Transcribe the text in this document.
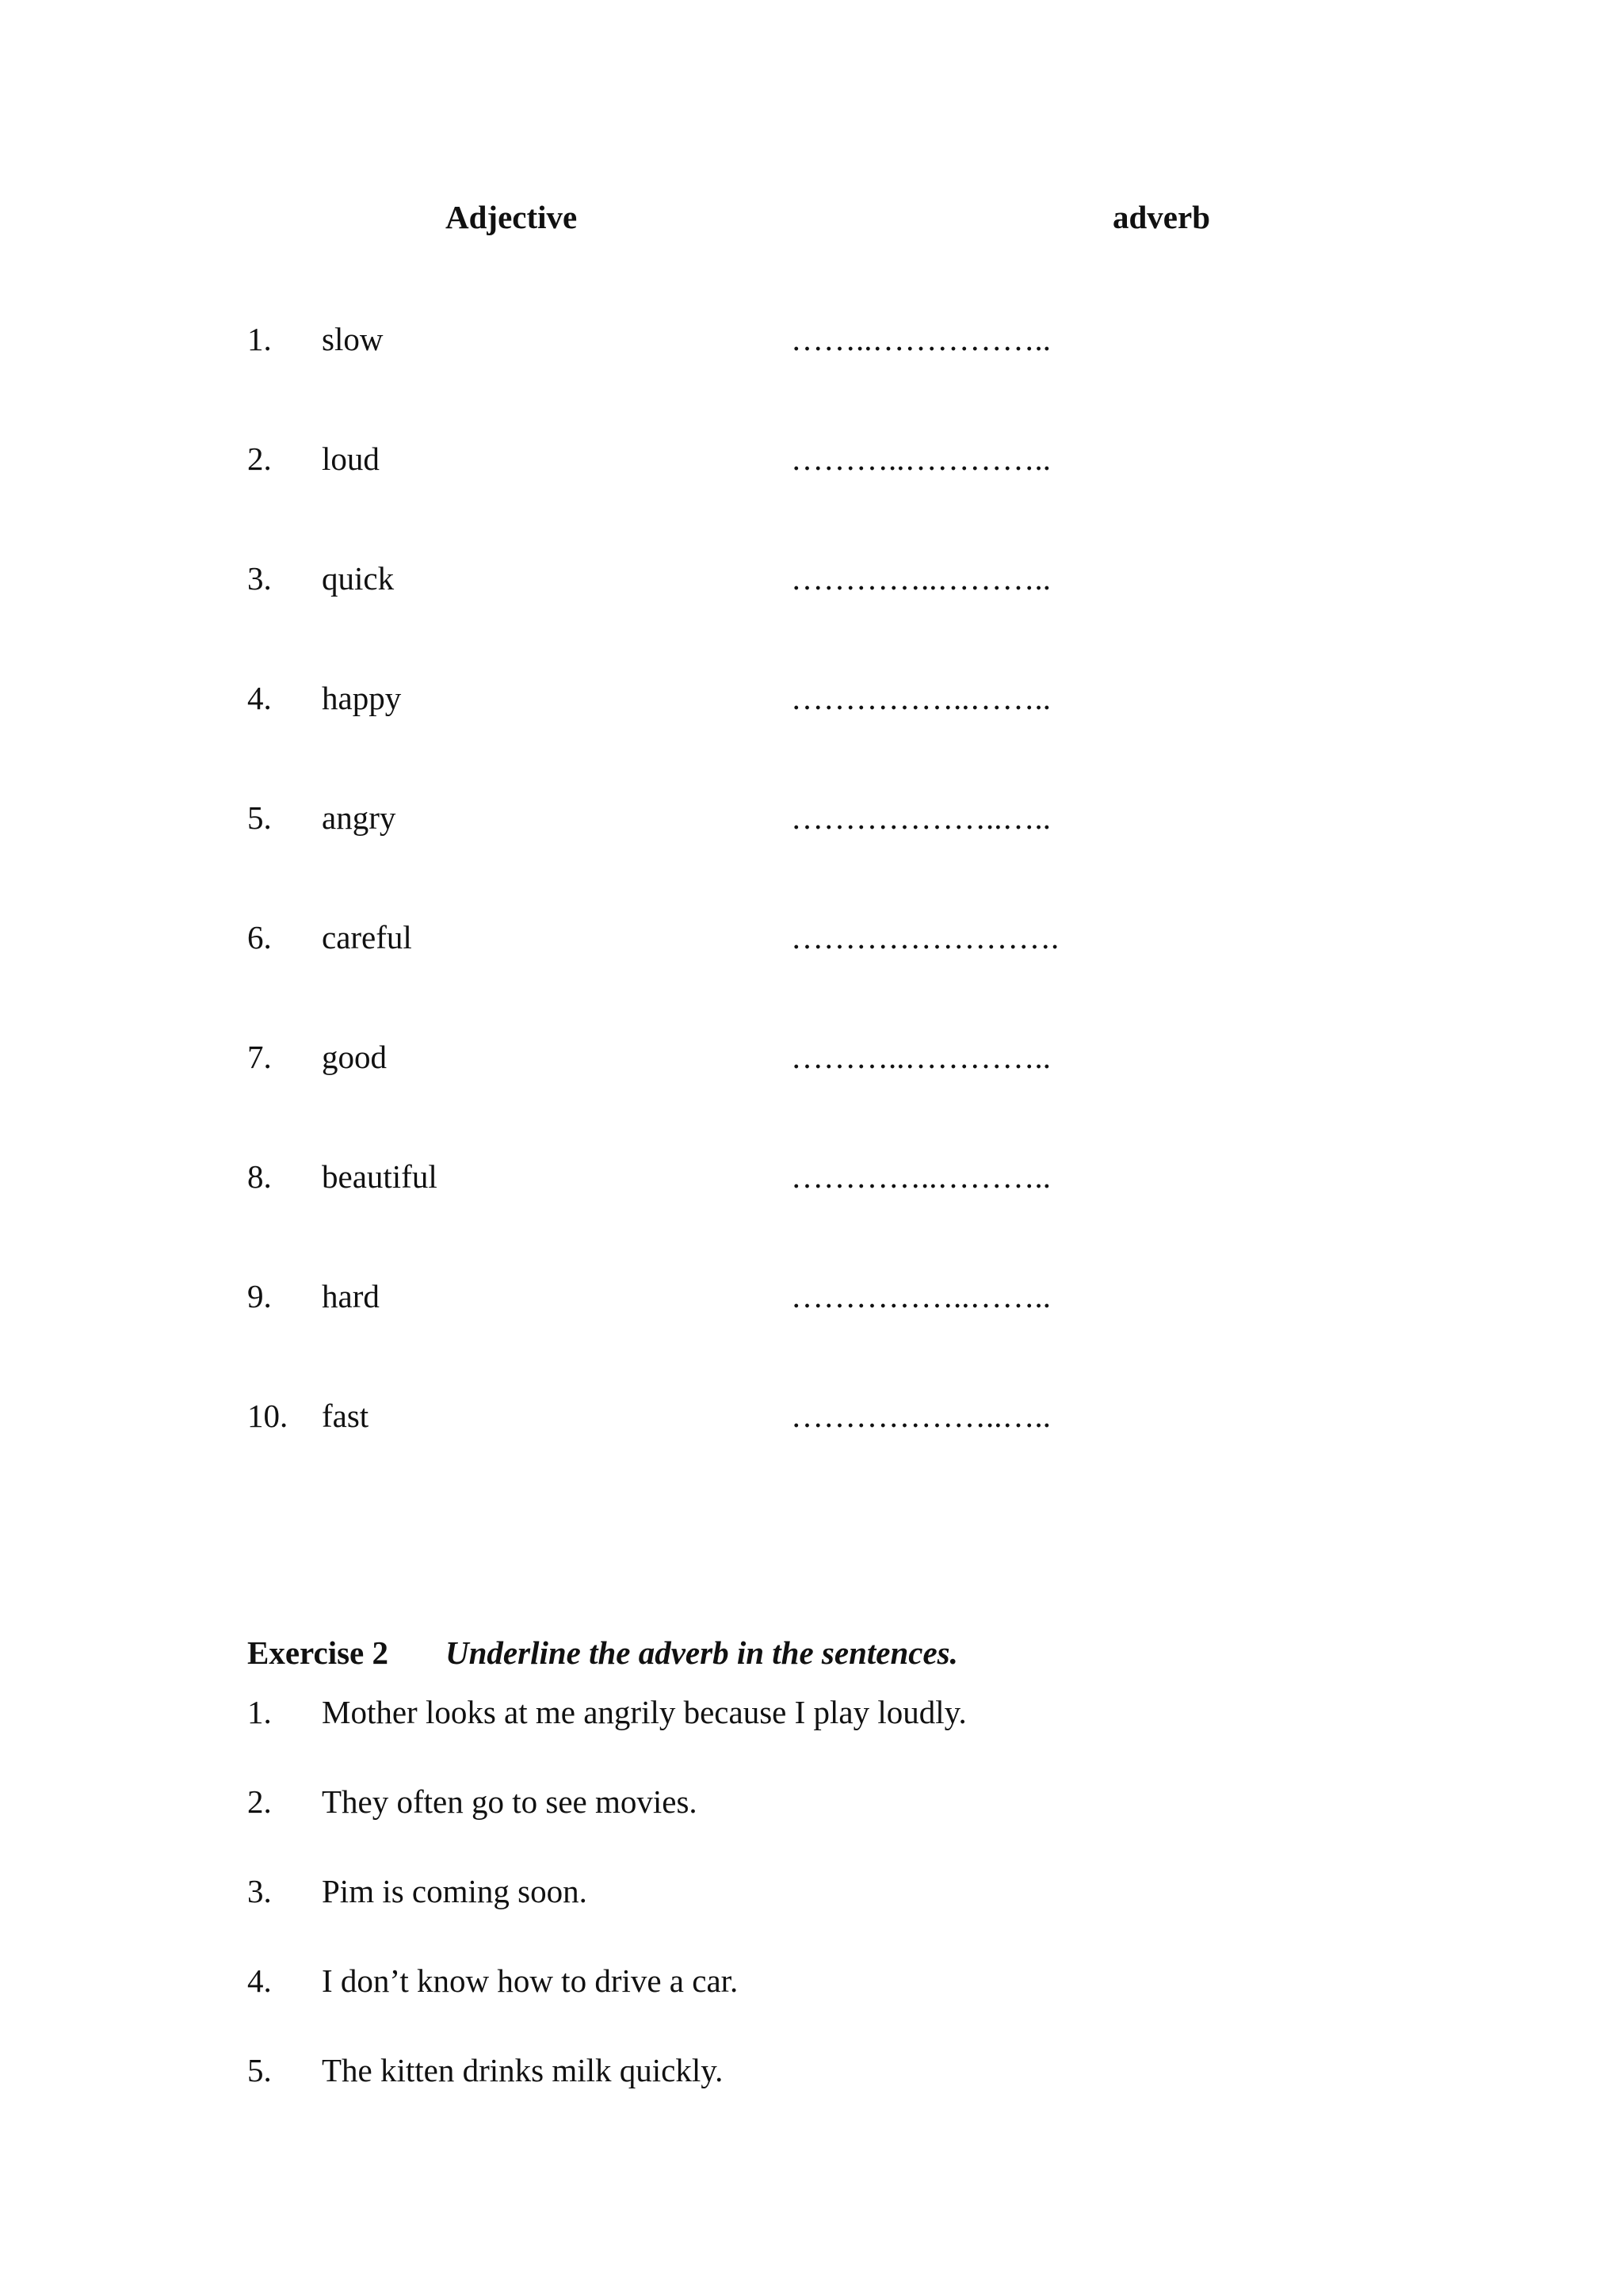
Adjective	adverb
1. slow	……..……………..
2. loud	………..…………..
3. quick	…………..………..
4. happy	……………..……..
5. angry	………………..…..
6. careful	…………………….
7. good	………..…………..
8. beautiful	…………..………..
9. hard	……………..……..
10. fast	………………..…..
Exercise 2 Underline the adverb in the sentences.
1. Mother looks at me angrily because I play loudly.
2. They often go to see movies.
3. Pim is coming soon.
4. I don’t know how to drive a car.
5. The kitten drinks milk quickly.
